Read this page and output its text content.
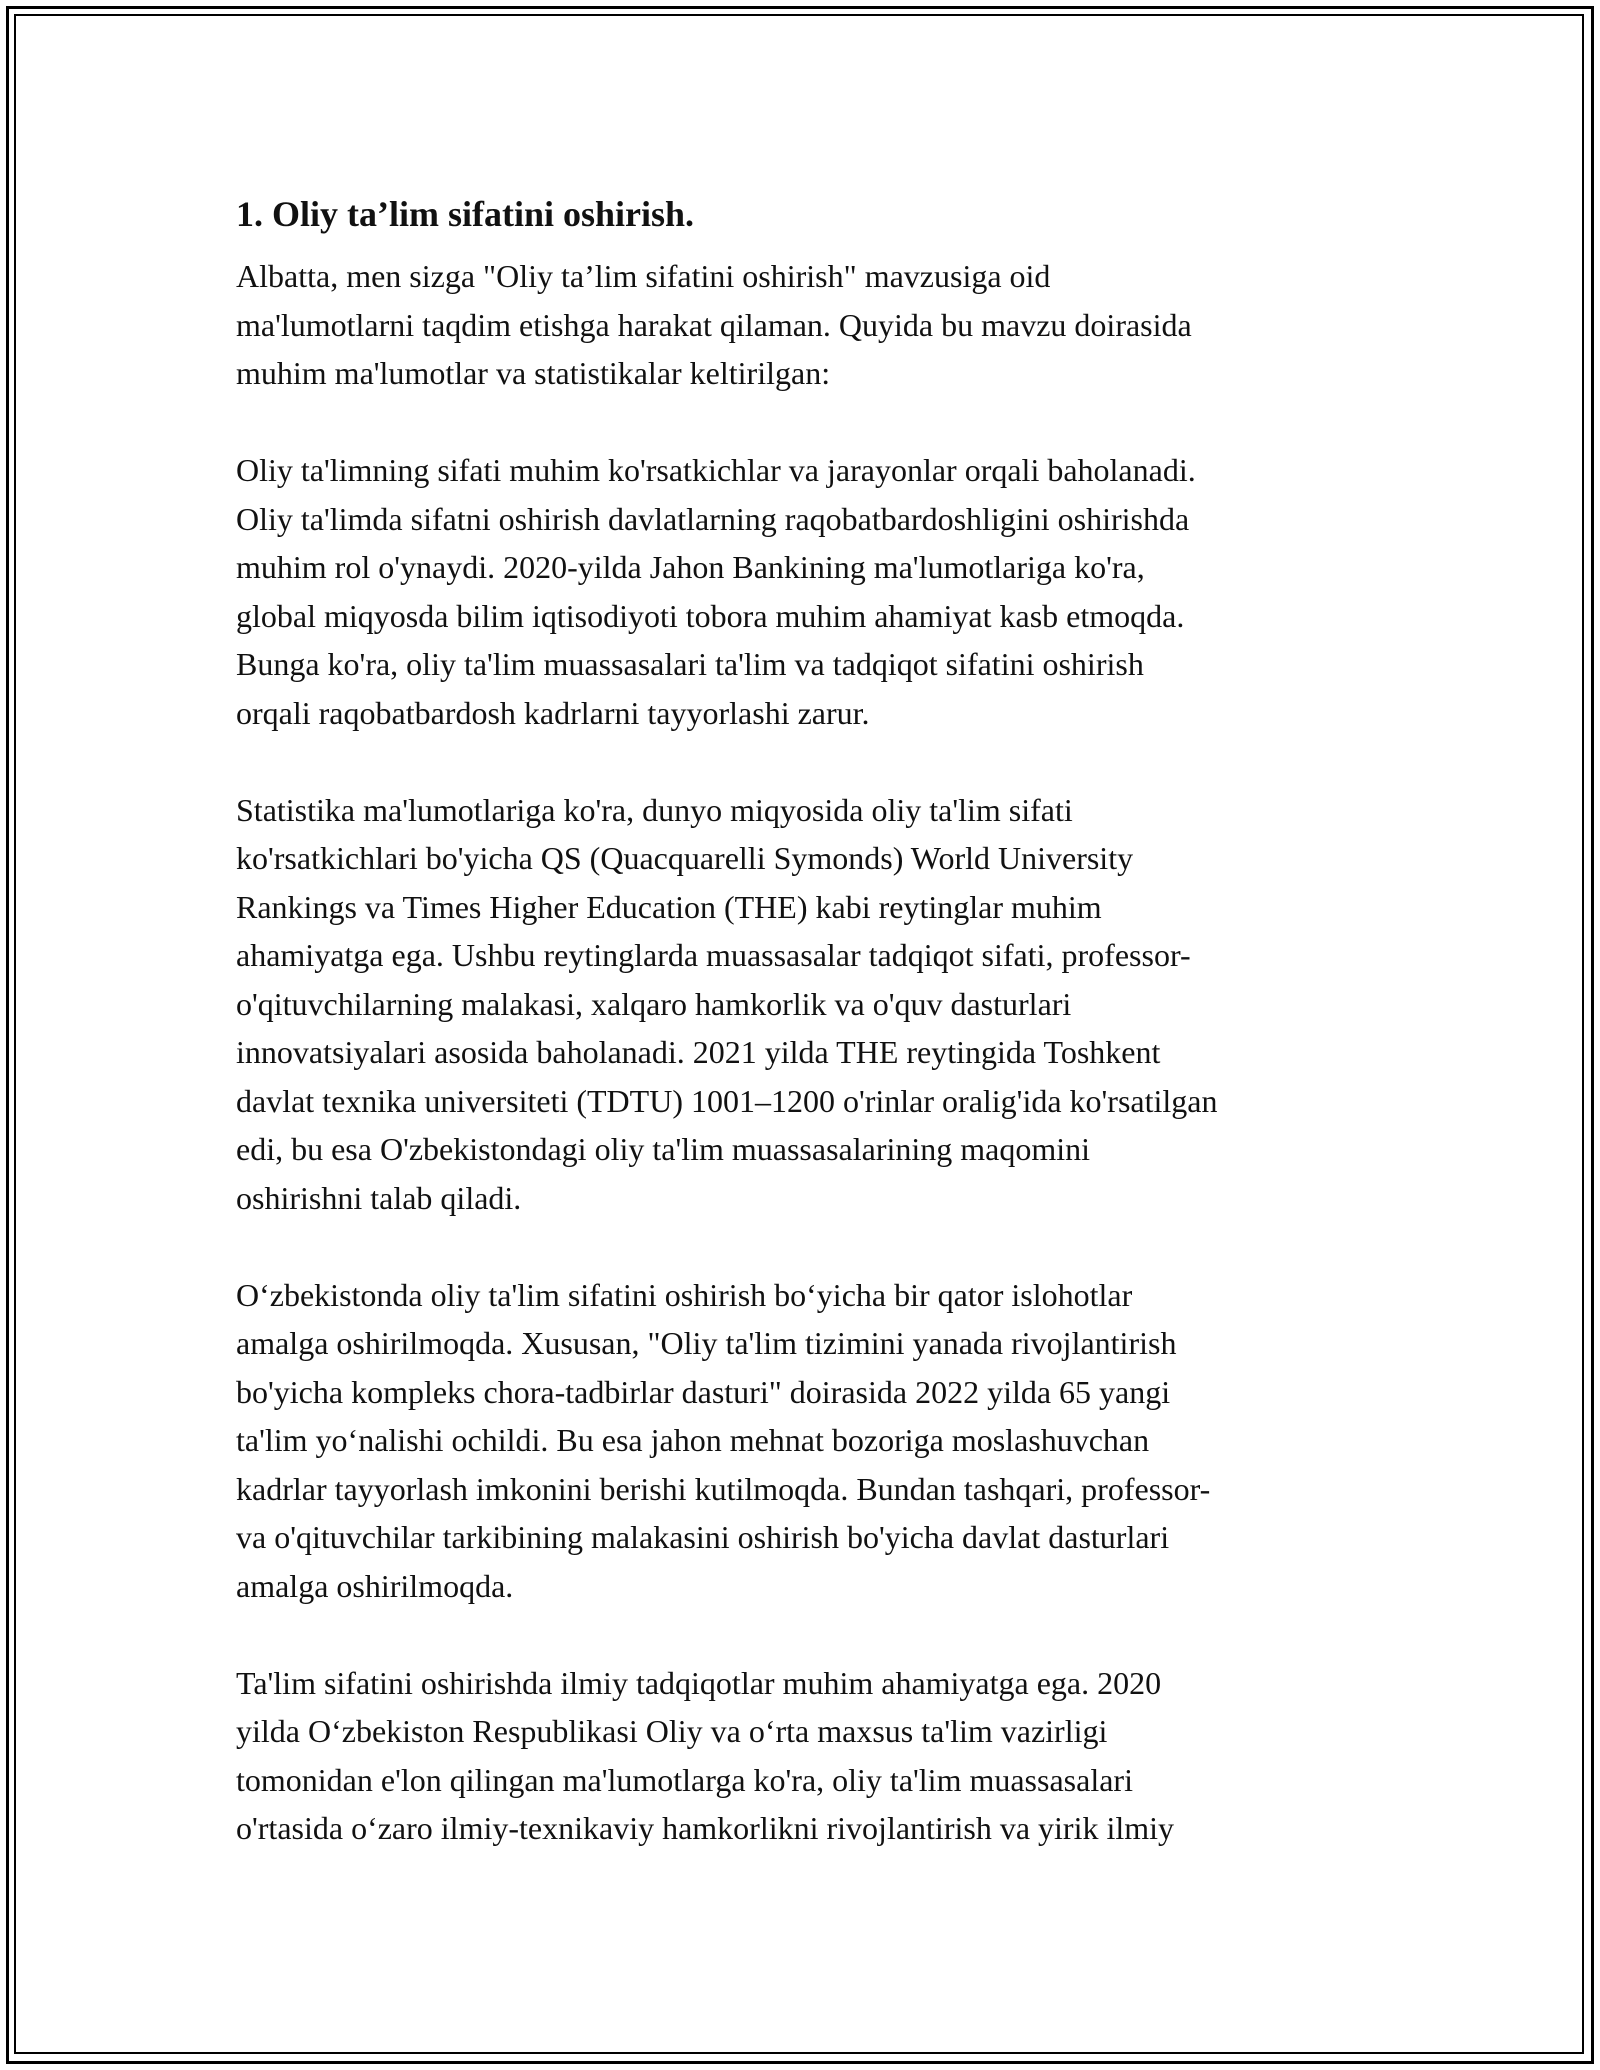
1. Oliy ta’lim sifatini oshirish.

Albatta, men sizga "Oliy ta’lim sifatini oshirish" mavzusiga oid
ma'lumotlarni taqdim etishga harakat qilaman. Quyida bu mavzu doirasida
muhim ma'lumotlar va statistikalar keltirilgan:

Oliy ta'limning sifati muhim ko'rsatkichlar va jarayonlar orqali baholanadi.
Oliy ta'limda sifatni oshirish davlatlarning raqobatbardoshligini oshirishda
muhim rol o'ynaydi. 2020-yilda Jahon Bankining ma'lumotlariga ko'ra,
global miqyosda bilim iqtisodiyoti tobora muhim ahamiyat kasb etmoqda.
Bunga ko'ra, oliy ta'lim muassasalari ta'lim va tadqiqot sifatini oshirish
orqali raqobatbardosh kadrlarni tayyorlashi zarur.

Statistika ma'lumotlariga ko'ra, dunyo miqyosida oliy ta'lim sifati
ko'rsatkichlari bo'yicha QS (Quacquarelli Symonds) World University
Rankings va Times Higher Education (THE) kabi reytinglar muhim
ahamiyatga ega. Ushbu reytinglarda muassasalar tadqiqot sifati, professor-
o'qituvchilarning malakasi, xalqaro hamkorlik va o'quv dasturlari
innovatsiyalari asosida baholanadi. 2021 yilda THE reytingida Toshkent
davlat texnika universiteti (TDTU) 1001–1200 o'rinlar oralig'ida ko'rsatilgan
edi, bu esa O'zbekistondagi oliy ta'lim muassasalarining maqomini
oshirishni talab qiladi.

O‘zbekistonda oliy ta'lim sifatini oshirish bo‘yicha bir qator islohotlar
amalga oshirilmoqda. Xususan, "Oliy ta'lim tizimini yanada rivojlantirish
bo'yicha kompleks chora-tadbirlar dasturi" doirasida 2022 yilda 65 yangi
ta'lim yo‘nalishi ochildi. Bu esa jahon mehnat bozoriga moslashuvchan
kadrlar tayyorlash imkonini berishi kutilmoqda. Bundan tashqari, professor-
va o'qituvchilar tarkibining malakasini oshirish bo'yicha davlat dasturlari
amalga oshirilmoqda.

Ta'lim sifatini oshirishda ilmiy tadqiqotlar muhim ahamiyatga ega. 2020
yilda O‘zbekiston Respublikasi Oliy va o‘rta maxsus ta'lim vazirligi
tomonidan e'lon qilingan ma'lumotlarga ko'ra, oliy ta'lim muassasalari
o'rtasida o‘zaro ilmiy-texnikaviy hamkorlikni rivojlantirish va yirik ilmiy
